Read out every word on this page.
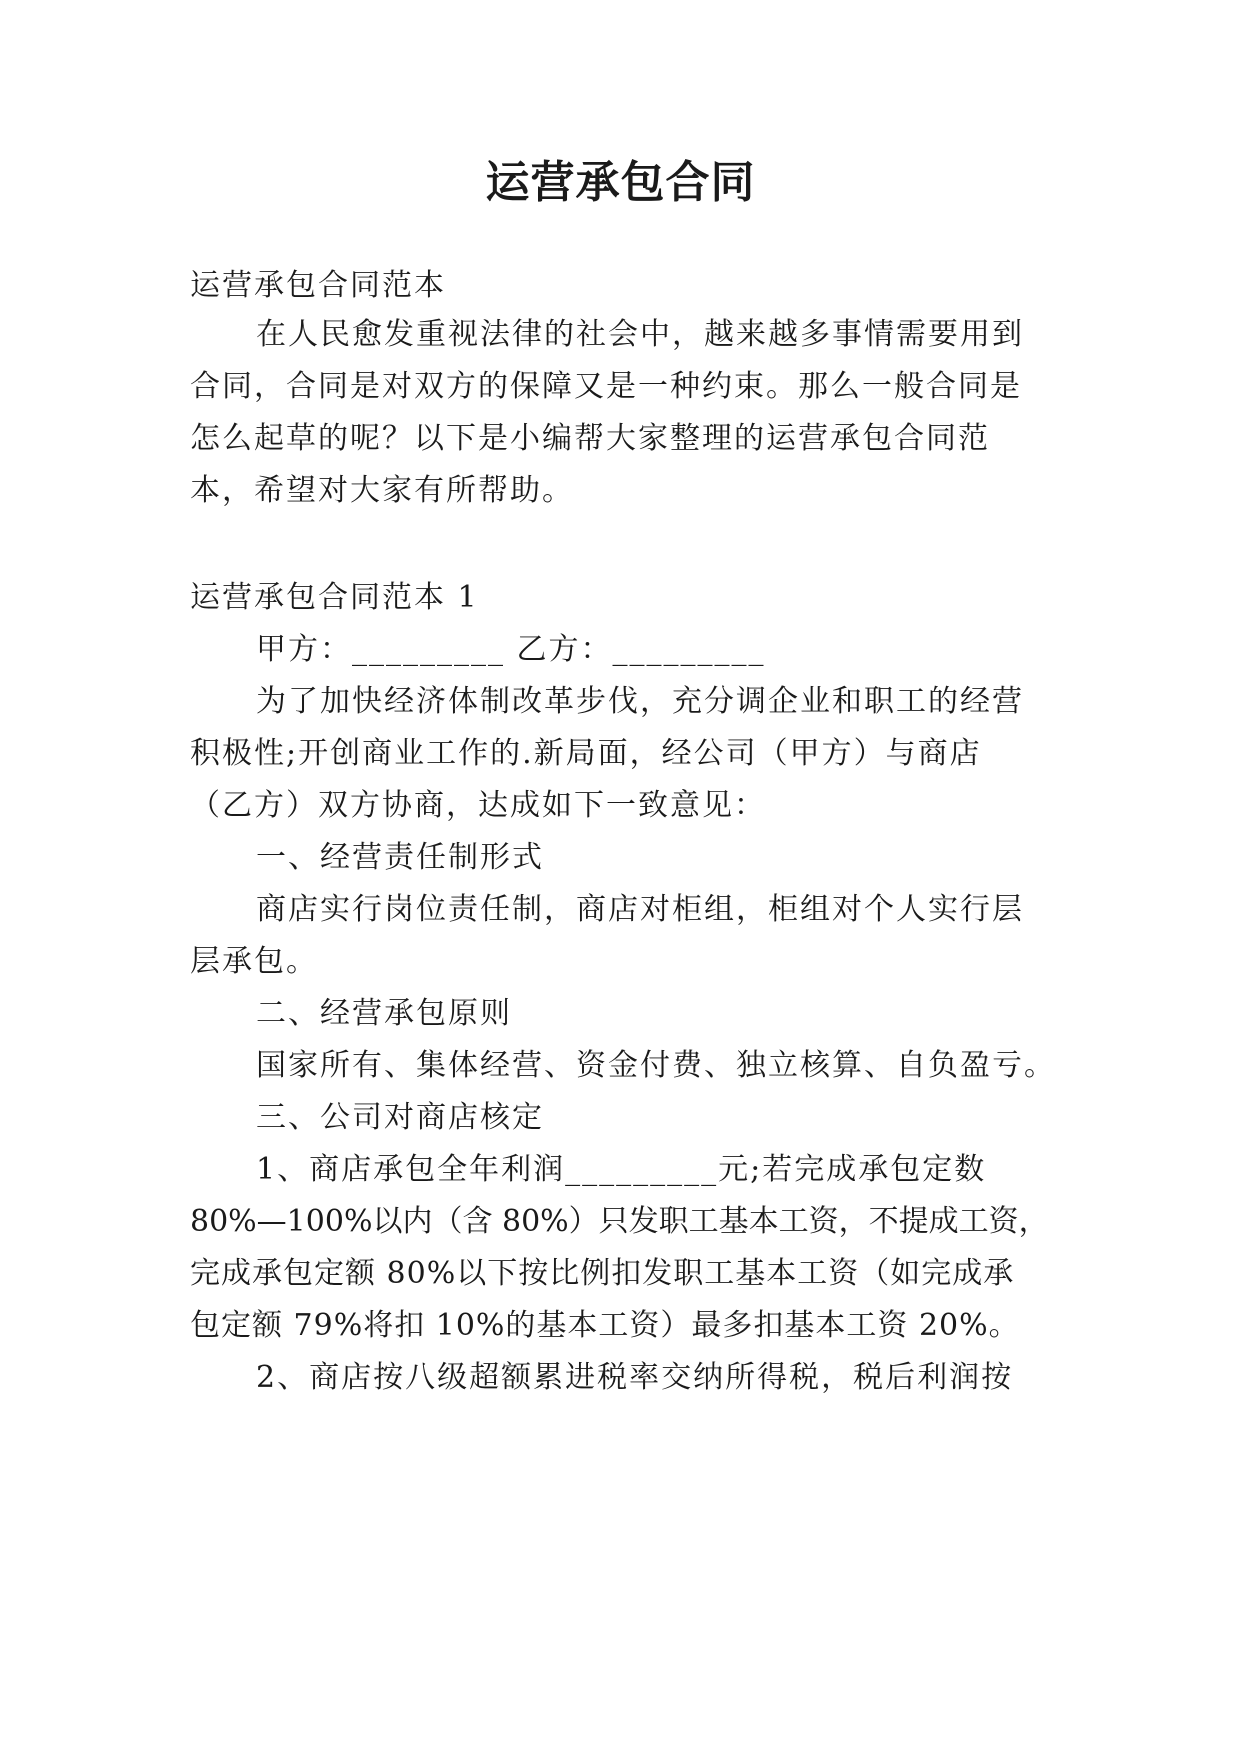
运营承包合同
运营承包合同范本
在人民愈发重视法律的社会中，越来越多事情需要用到
合同，合同是对双方的保障又是一种约束。那么一般合同是
怎么起草的呢？以下是小编帮大家整理的运营承包合同范
本，希望对大家有所帮助。
运营承包合同范本 1
甲方：_________ 乙方：_________
为了加快经济体制改革步伐，充分调企业和职工的经营
积极性;开创商业工作的.新局面，经公司（甲方）与商店
（乙方）双方协商，达成如下一致意见：
一、经营责任制形式
商店实行岗位责任制，商店对柜组，柜组对个人实行层
层承包。
二、经营承包原则
国家所有、集体经营、资金付费、独立核算、自负盈亏。
三、公司对商店核定
1、商店承包全年利润_________元;若完成承包定数
80%—100%以内（含 80%）只发职工基本工资，不提成工资，
完成承包定额 80%以下按比例扣发职工基本工资（如完成承
包定额 79%将扣 10%的基本工资）最多扣基本工资 20%。
2、商店按八级超额累进税率交纳所得税，税后利润按
